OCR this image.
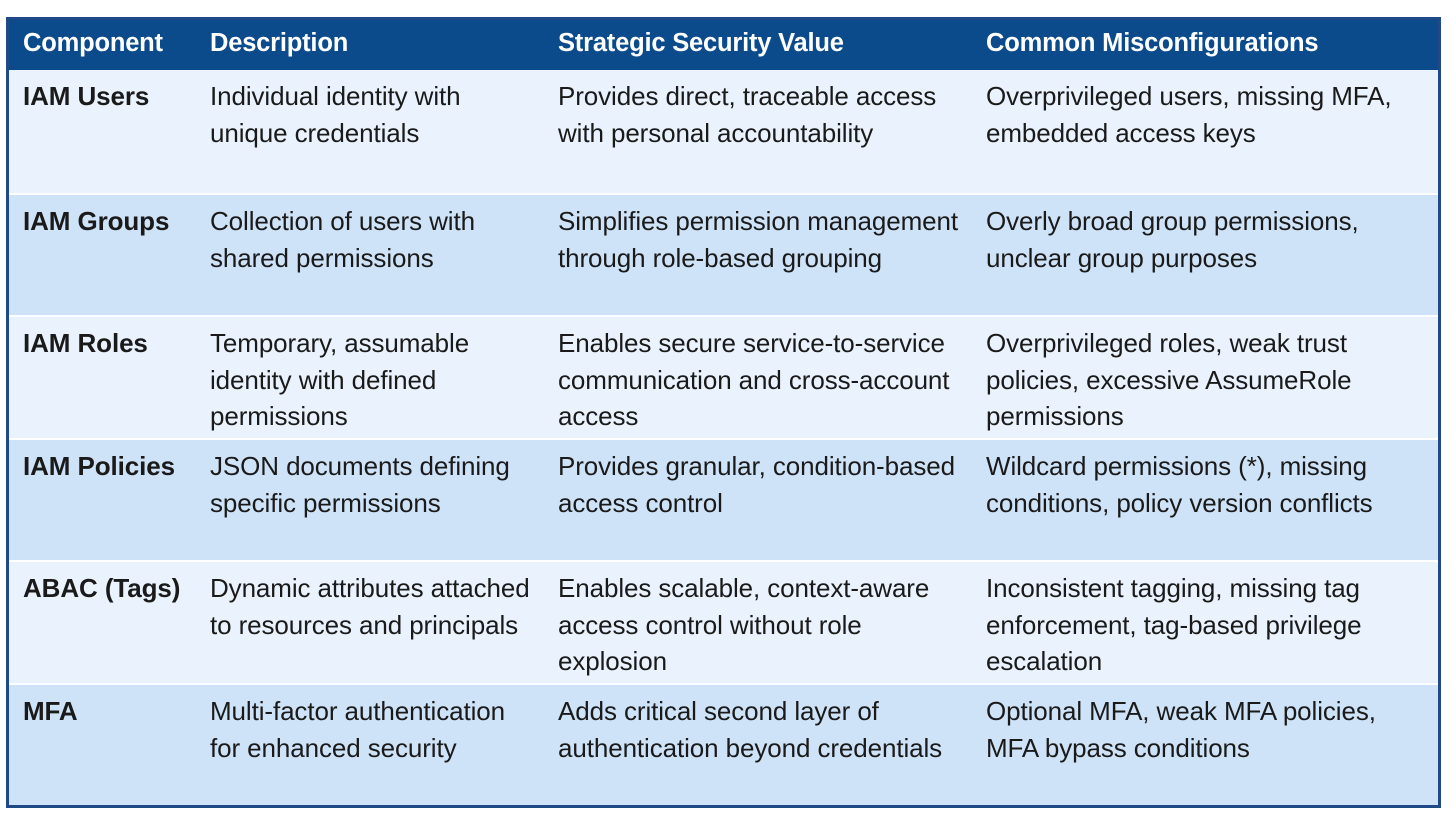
Component	Description	Strategic Security Value	Common Misconfigurations
IAM Users	Individual identity with unique credentials	Provides direct, traceable access with personal accountability	Overprivileged users, missing MFA, embedded access keys
IAM Groups	Collection of users with shared permissions	Simplifies permission management through role-based grouping	Overly broad group permissions, unclear group purposes
IAM Roles	Temporary, assumable identity with defined permissions	Enables secure service-to-service communication and cross-account access	Overprivileged roles, weak trust policies, excessive AssumeRole permissions
IAM Policies	JSON documents defining specific permissions	Provides granular, condition-based access control	Wildcard permissions (*), missing conditions, policy version conflicts
ABAC (Tags)	Dynamic attributes attached to resources and principals	Enables scalable, context-aware access control without role explosion	Inconsistent tagging, missing tag enforcement, tag-based privilege escalation
MFA	Multi-factor authentication for enhanced security	Adds critical second layer of authentication beyond credentials	Optional MFA, weak MFA policies, MFA bypass conditions
